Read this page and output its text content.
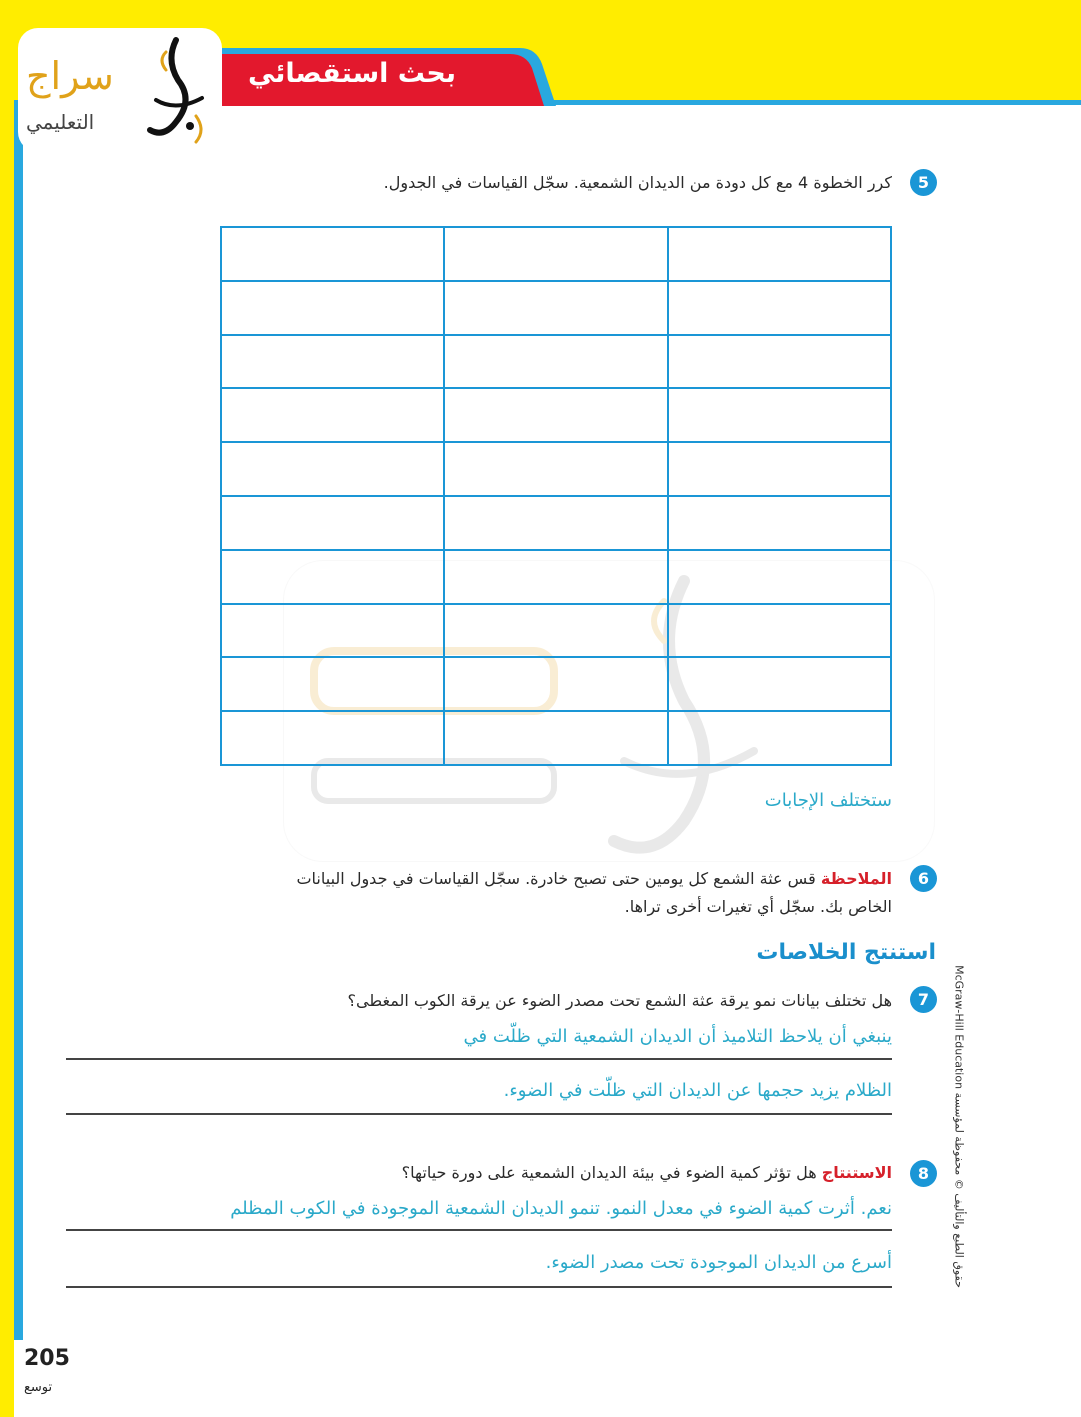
بحث استقصائي
سراج
التعليمي
5
كرر الخطوة 4 مع كل دودة من الديدان الشمعية. سجّل القياسات في الجدول.

ستختلف الإجابات
6
الملاحظة قس عثة الشمع كل يومين حتى تصبح خادرة. سجّل القياسات في جدول البيانات
الخاص بك. سجّل أي تغيرات أخرى تراها.
استنتج الخلاصات
7
هل تختلف بيانات نمو يرقة عثة الشمع تحت مصدر الضوء عن يرقة الكوب المغطى؟
ينبغي أن يلاحظ التلاميذ أن الديدان الشمعية التي ظلّت في
الظلام يزيد حجمها عن الديدان التي ظلّت في الضوء.
8
الاستنتاج هل تؤثر كمية الضوء في بيئة الديدان الشمعية على دورة حياتها؟
نعم. أثرت كمية الضوء في معدل النمو. تنمو الديدان الشمعية الموجودة في الكوب المظلم
أسرع من الديدان الموجودة تحت مصدر الضوء.
حقوق الطبع والتأليف © محفوظة لمؤسسة McGraw-Hill Education
205
توسع
